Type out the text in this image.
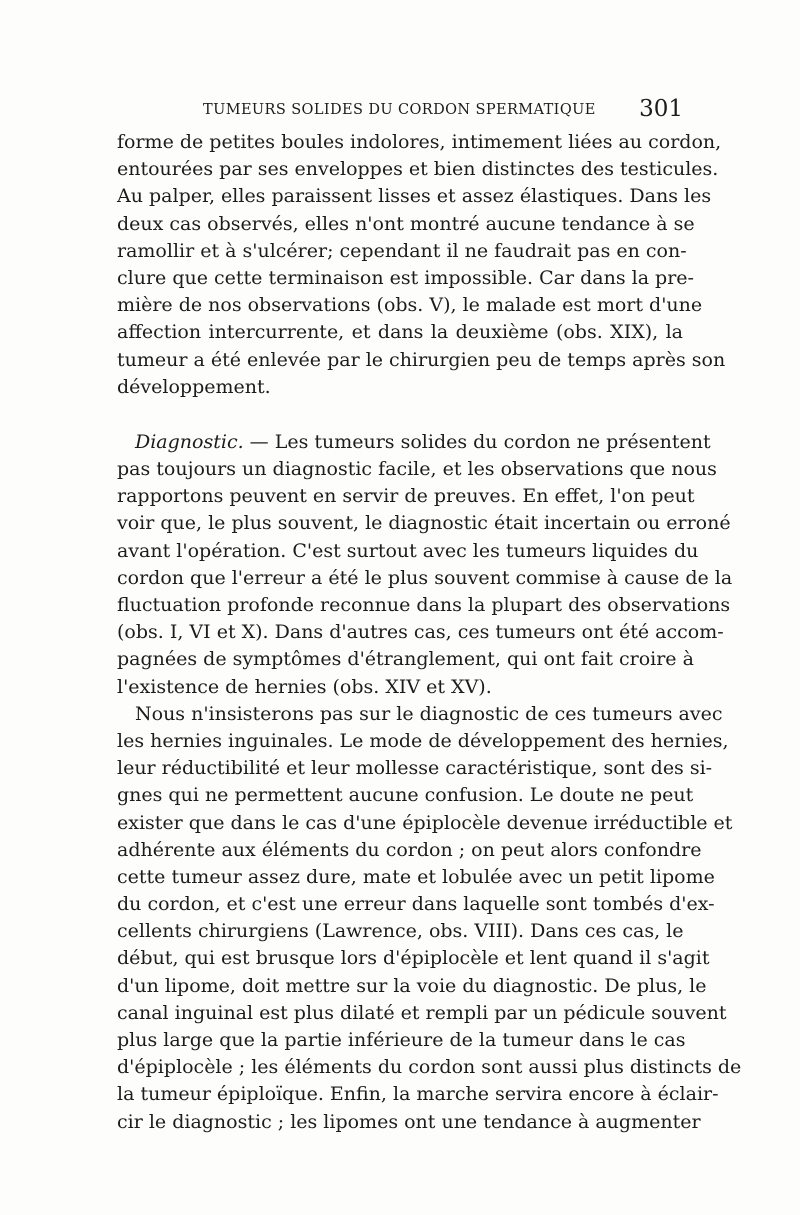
TUMEURS SOLIDES DU CORDON SPERMATIQUE 301
forme de petites boules indolores, intimement liées au cordon,
entourées par ses enveloppes et bien distinctes des testicules.
Au palper, elles paraissent lisses et assez élastiques. Dans les
deux cas observés, elles n'ont montré aucune tendance à se
ramollir et à s'ulcérer; cependant il ne faudrait pas en con-
clure que cette terminaison est impossible. Car dans la pre-
mière de nos observations (obs. V), le malade est mort d'une
affection intercurrente, et dans la deuxième (obs. XIX), la
tumeur a été enlevée par le chirurgien peu de temps après son
développement.
Diagnostic. — Les tumeurs solides du cordon ne présentent
pas toujours un diagnostic facile, et les observations que nous
rapportons peuvent en servir de preuves. En effet, l'on peut
voir que, le plus souvent, le diagnostic était incertain ou erroné
avant l'opération. C'est surtout avec les tumeurs liquides du
cordon que l'erreur a été le plus souvent commise à cause de la
fluctuation profonde reconnue dans la plupart des observations
(obs. I, VI et X). Dans d'autres cas, ces tumeurs ont été accom-
pagnées de symptômes d'étranglement, qui ont fait croire à
l'existence de hernies (obs. XIV et XV).
Nous n'insisterons pas sur le diagnostic de ces tumeurs avec
les hernies inguinales. Le mode de développement des hernies,
leur réductibilité et leur mollesse caractéristique, sont des si-
gnes qui ne permettent aucune confusion. Le doute ne peut
exister que dans le cas d'une épiplocèle devenue irréductible et
adhérente aux éléments du cordon ; on peut alors confondre
cette tumeur assez dure, mate et lobulée avec un petit lipome
du cordon, et c'est une erreur dans laquelle sont tombés d'ex-
cellents chirurgiens (Lawrence, obs. VIII). Dans ces cas, le
début, qui est brusque lors d'épiplocèle et lent quand il s'agit
d'un lipome, doit mettre sur la voie du diagnostic. De plus, le
canal inguinal est plus dilaté et rempli par un pédicule souvent
plus large que la partie inférieure de la tumeur dans le cas
d'épiplocèle ; les éléments du cordon sont aussi plus distincts de
la tumeur épiploïque. Enfin, la marche servira encore à éclair-
cir le diagnostic ; les lipomes ont une tendance à augmenter
